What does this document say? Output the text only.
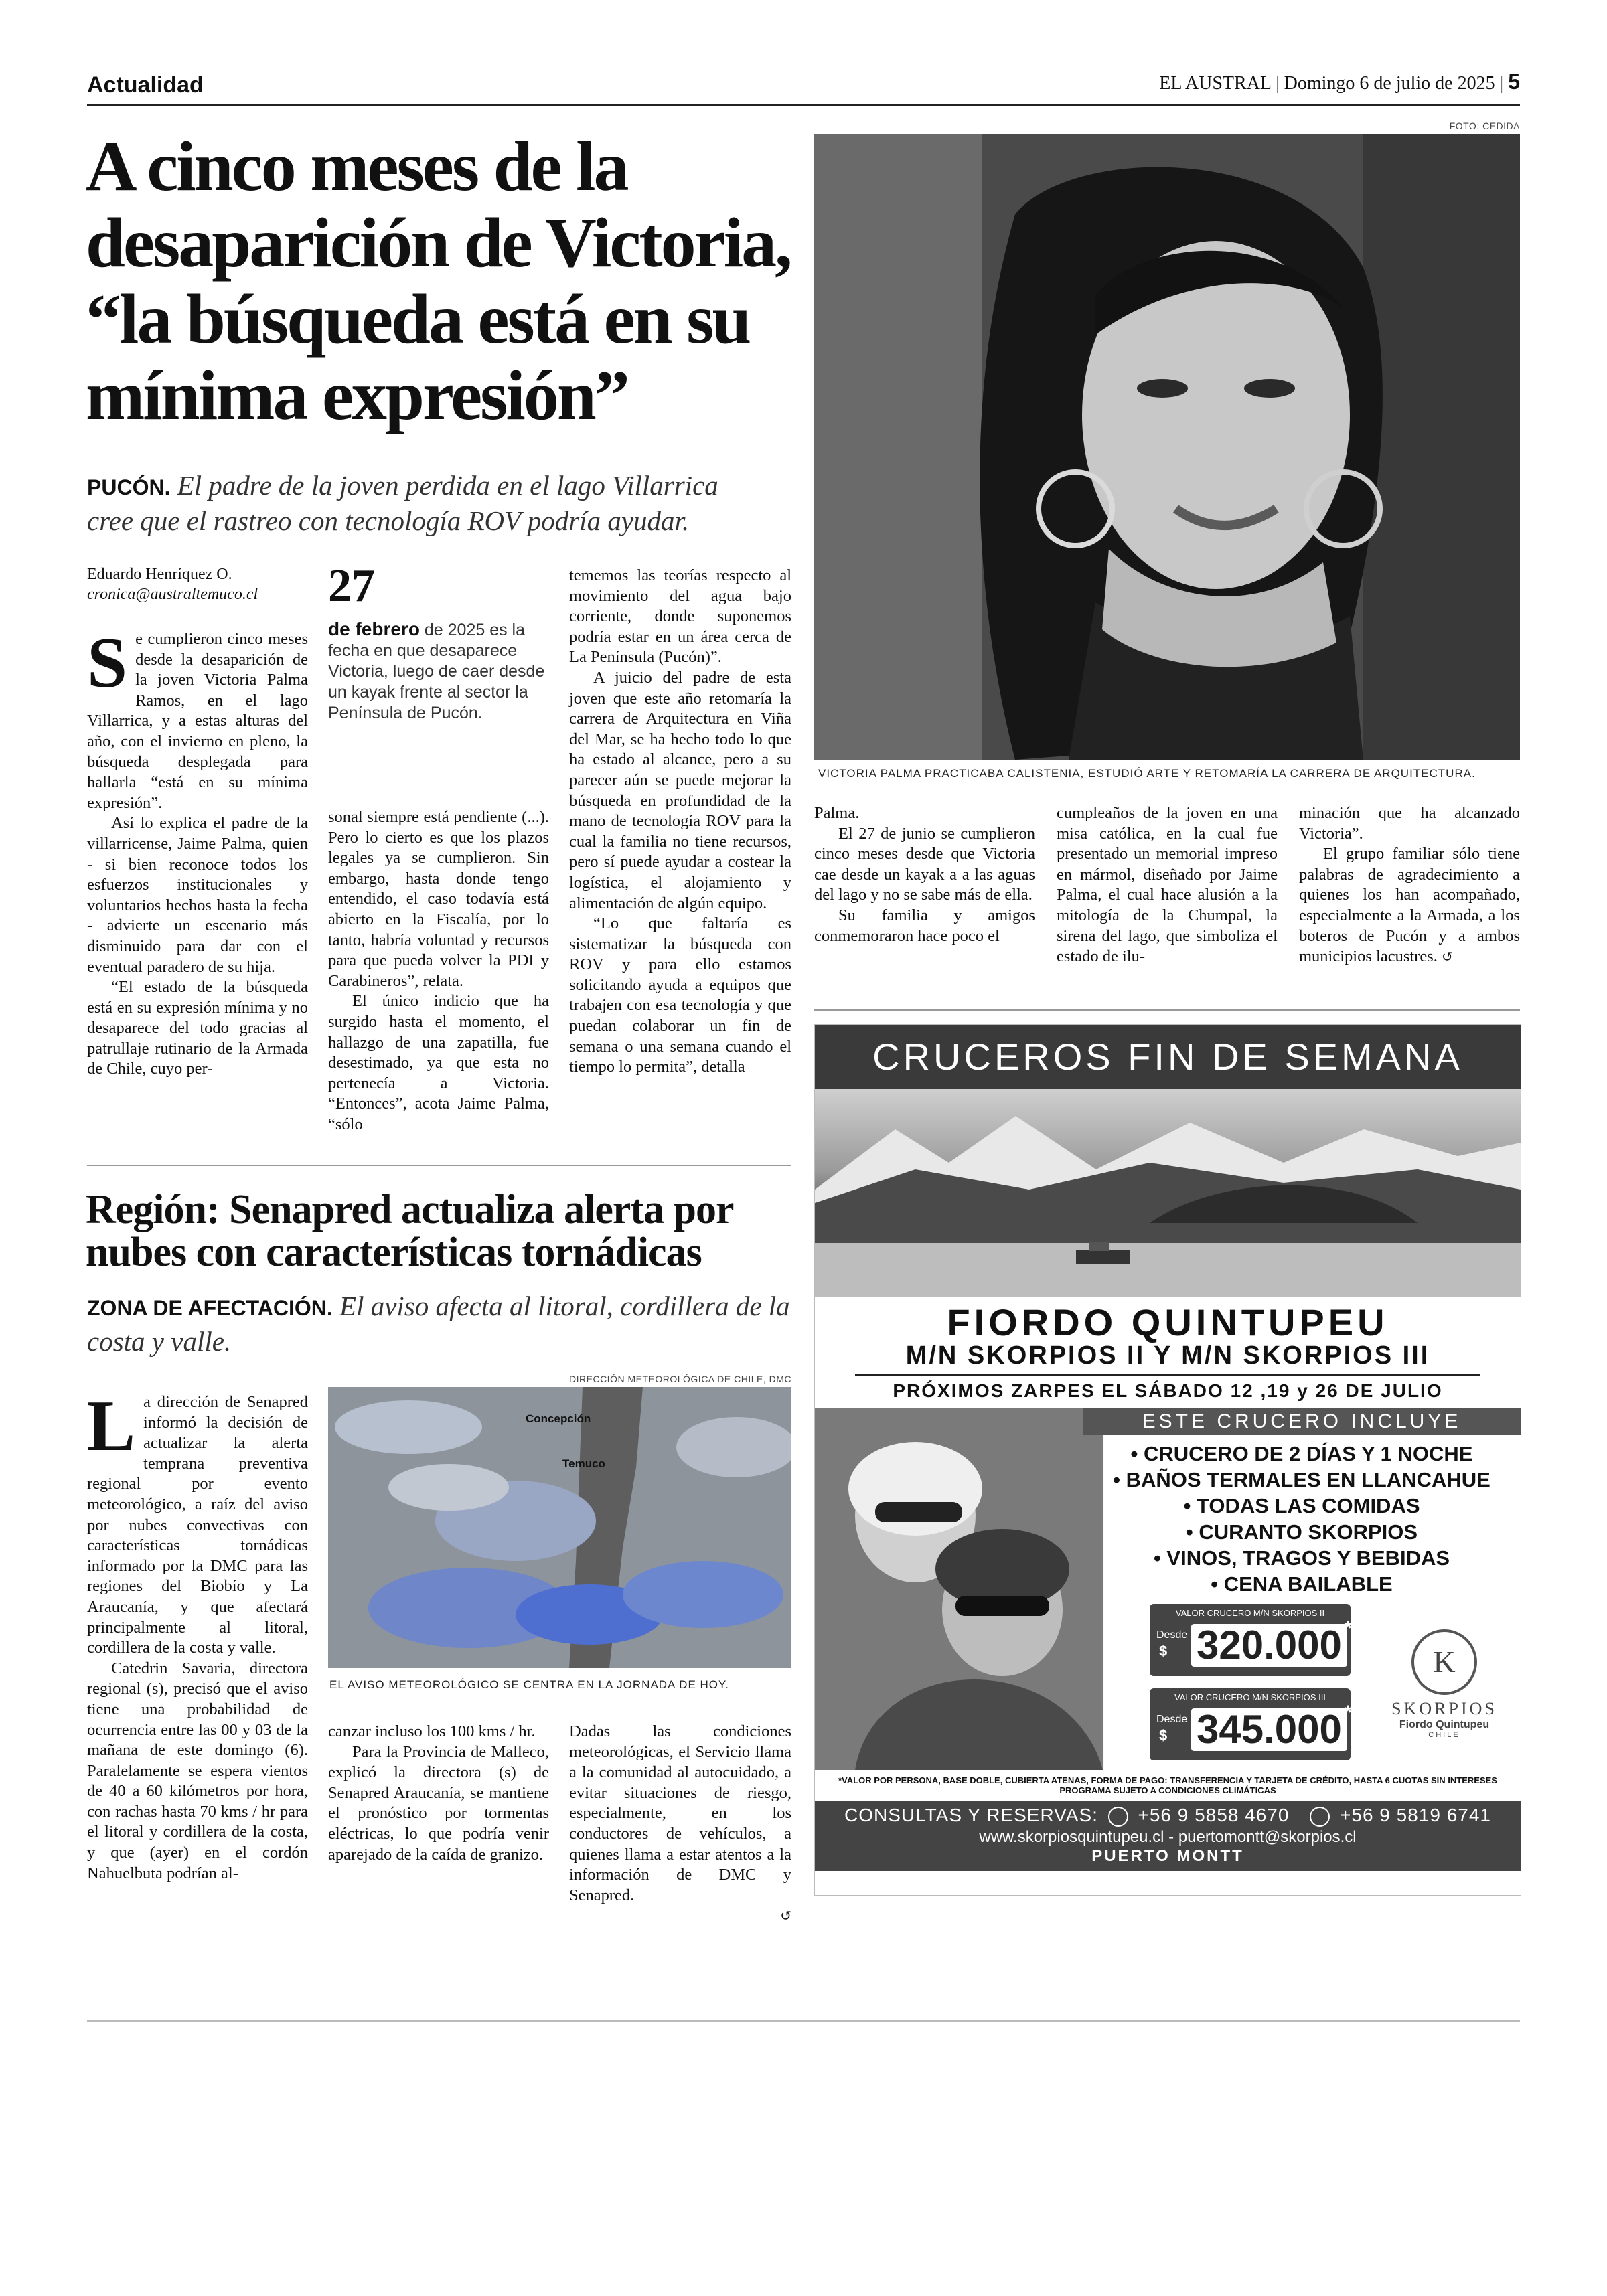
Actualidad	EL AUSTRAL | Domingo 6 de julio de 2025 | 5
A cinco meses de la
desaparición de Victoria,
“la búsqueda está en su
mínima expresión”
PUCÓN. El padre de la joven perdida en el lago Villarrica
cree que el rastreo con tecnología ROV podría ayudar.
Eduardo Henríquez O.
cronica@australtemuco.cl

Se cumplieron cinco meses desde la desaparición de la joven Victoria Palma Ramos, en el lago Villarrica, y a estas alturas del año, con el invierno en pleno, la búsqueda desplegada para hallarla “está en su mínima expresión”.

Así lo explica el padre de la villarricense, Jaime Palma, quien - si bien reconoce todos los esfuerzos institucionales y voluntarios hechos hasta la fecha - advierte un escenario más disminuido para dar con el eventual paradero de su hija.

“El estado de la búsqueda está en su expresión mínima y no desaparece del todo gracias al patrullaje rutinario de la Armada de Chile, cuyo per-

27
de febrero de 2025 es la fecha en que desaparece Victoria, luego de caer desde un kayak frente al sector la Península de Pucón.

sonal siempre está pendiente (...). Pero lo cierto es que los plazos legales ya se cumplieron. Sin embargo, hasta donde tengo entendido, el caso todavía está abierto en la Fiscalía, por lo tanto, habría voluntad y recursos para que pueda volver la PDI y Carabineros”, relata.

El único indicio que ha surgido hasta el momento, el hallazgo de una zapatilla, fue desestimado, ya que esta no pertenecía a Victoria. “Entonces”, acota Jaime Palma, “sólo

tememos las teorías respecto al movimiento del agua bajo corriente, donde suponemos podría estar en un área cerca de La Península (Pucón)”.

A juicio del padre de esta joven que este año retomaría la carrera de Arquitectura en Viña del Mar, se ha hecho todo lo que ha estado al alcance, pero a su parecer aún se puede mejorar la búsqueda en profundidad de la mano de tecnología ROV para la cual la familia no tiene recursos, pero sí puede ayudar a costear la logística, el alojamiento y alimentación de algún equipo.

“Lo que faltaría es sistematizar la búsqueda con ROV y para ello estamos solicitando ayuda a equipos que trabajen con esa tecnología y que puedan colaborar un fin de semana o una semana cuando el tiempo lo permita”, detalla

FOTO: CEDIDA
VICTORIA PALMA PRACTICABA CALISTENIA, ESTUDIÓ ARTE Y RETOMARÍA LA CARRERA DE ARQUITECTURA.

Palma.

El 27 de junio se cumplieron cinco meses desde que Victoria cae desde un kayak a a las aguas del lago y no se sabe más de ella.

Su familia y amigos conmemoraron hace poco el

cumpleaños de la joven en una misa católica, en la cual fue presentado un memorial impreso en mármol, diseñado por Jaime Palma, el cual hace alusión a la mitología de la Chumpal, la sirena del lago, que simboliza el estado de ilu-

minación que ha alcanzado Victoria”.

El grupo familiar sólo tiene palabras de agradecimiento a quienes los han acompañado, especialmente a la Armada, a los boteros de Pucón y a ambos municipios lacustres. ↺

Región: Senapred actualiza alerta por
nubes con características tornádicas
ZONA DE AFECTACIÓN. El aviso afecta al litoral, cordillera de la
costa y valle.

La dirección de Senapred informó la decisión de actualizar la alerta temprana preventiva regional por evento meteorológico, a raíz del aviso por nubes convectivas con características tornádicas informado por la DMC para las regiones del Biobío y La Araucanía, y que afectará principalmente al litoral, cordillera de la costa y valle.

Catedrin Savaria, directora regional (s), precisó que el aviso tiene una probabilidad de ocurrencia entre las 00 y 03 de la mañana de este domingo (6). Paralelamente se espera vientos de 40 a 60 kilómetros por hora, con rachas hasta 70 kms / hr para el litoral y cordillera de la costa, y que (ayer) en el cordón Nahuelbuta podrían al-

DIRECCIÓN METEOROLÓGICA DE CHILE, DMC
Concepción
Temuco
EL AVISO METEOROLÓGICO SE CENTRA EN LA JORNADA DE HOY.

canzar incluso los 100 kms / hr.

Para la Provincia de Malleco, explicó la directora (s) de Senapred Araucanía, se mantiene el pronóstico por tormentas eléctricas, lo que podría venir aparejado de la caída de granizo.

Dadas las condiciones meteorológicas, el Servicio llama a la comunidad al autocuidado, a evitar situaciones de riesgo, especialmente, en los conductores de vehículos, a quienes llama a estar atentos a la información de DMC y Senapred.

↺

CRUCEROS FIN DE SEMANA
FIORDO QUINTUPEU
M/N SKORPIOS II Y M/N SKORPIOS III
PRÓXIMOS ZARPES EL SÁBADO 12 ,19 y 26 DE JULIO
ESTE CRUCERO INCLUYE
• CRUCERO DE 2 DÍAS Y 1 NOCHE
• BAÑOS TERMALES EN LLANCAHUE
• TODAS LAS COMIDAS
• CURANTO SKORPIOS
• VINOS, TRAGOS Y BEBIDAS
• CENA BAILABLE
VALOR CRUCERO M/N SKORPIOS II
Desde
$ 320.000 *
VALOR CRUCERO M/N SKORPIOS III
Desde
$ 345.000 *
K
SKORPIOS
Fiordo Quintupeu
CHILE
*VALOR POR PERSONA, BASE DOBLE, CUBIERTA ATENAS, FORMA DE PAGO: TRANSFERENCIA Y TARJETA DE CRÉDITO, HASTA 6 CUOTAS SIN INTERESES
PROGRAMA SUJETO A CONDICIONES CLIMÁTICAS
CONSULTAS Y RESERVAS: +56 9 5858 4670	+56 9 5819 6741
www.skorpiosquintupeu.cl - puertomontt@skorpios.cl
PUERTO MONTT
